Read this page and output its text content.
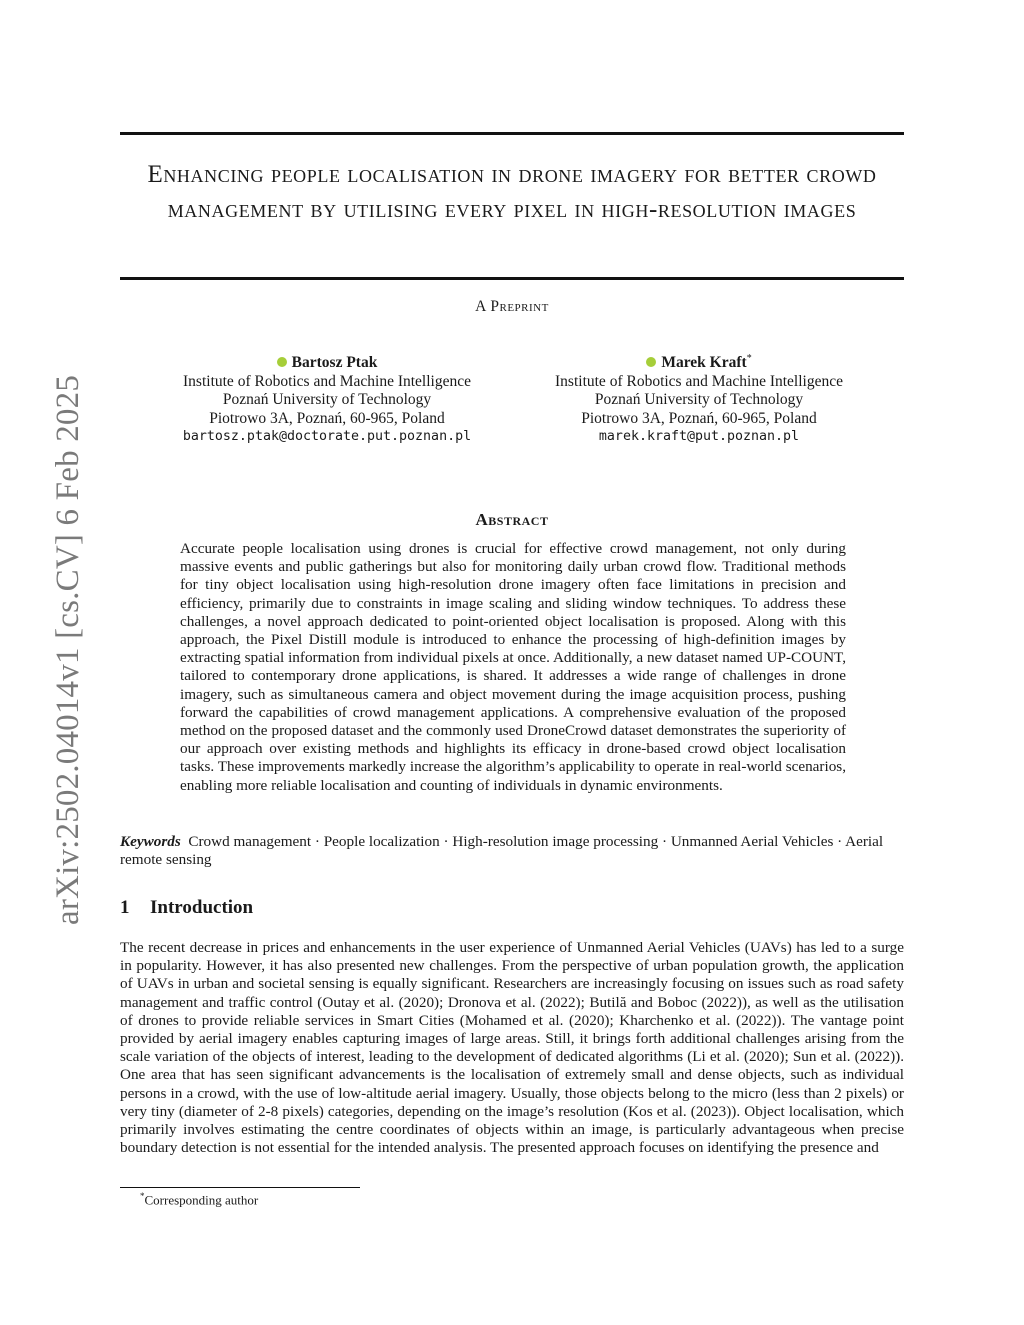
arXiv:2502.04014v1 [cs.CV] 6 Feb 2025
Enhancing people localisation in drone imagery for better crowd management by utilising every pixel in high-resolution images
A Preprint
Bartosz Ptak
Institute of Robotics and Machine Intelligence
Poznań University of Technology
Piotrowo 3A, Poznań, 60-965, Poland
bartosz.ptak@doctorate.put.poznan.pl
Marek Kraft*
Institute of Robotics and Machine Intelligence
Poznań University of Technology
Piotrowo 3A, Poznań, 60-965, Poland
marek.kraft@put.poznan.pl
Abstract
Accurate people localisation using drones is crucial for effective crowd management, not only during massive events and public gatherings but also for monitoring daily urban crowd flow. Traditional methods for tiny object localisation using high-resolution drone imagery often face limitations in precision and efficiency, primarily due to constraints in image scaling and sliding window techniques. To address these challenges, a novel approach dedicated to point-oriented object localisation is proposed. Along with this approach, the Pixel Distill module is introduced to enhance the processing of high-definition images by extracting spatial information from individual pixels at once. Additionally, a new dataset named UP-COUNT, tailored to contemporary drone applications, is shared. It addresses a wide range of challenges in drone imagery, such as simultaneous camera and object movement during the image acquisition process, pushing forward the capabilities of crowd management applications. A comprehensive evaluation of the proposed method on the proposed dataset and the commonly used DroneCrowd dataset demonstrates the superiority of our approach over existing methods and highlights its efficacy in drone-based crowd object localisation tasks. These improvements markedly increase the algorithm’s applicability to operate in real-world scenarios, enabling more reliable localisation and counting of individuals in dynamic environments.
Keywords Crowd management · People localization · High-resolution image processing · Unmanned Aerial Vehicles · Aerial remote sensing
1 Introduction
The recent decrease in prices and enhancements in the user experience of Unmanned Aerial Vehicles (UAVs) has led to a surge in popularity. However, it has also presented new challenges. From the perspective of urban population growth, the application of UAVs in urban and societal sensing is equally significant. Researchers are increasingly focusing on issues such as road safety management and traffic control (Outay et al. (2020); Dronova et al. (2022); Butilă and Boboc (2022)), as well as the utilisation of drones to provide reliable services in Smart Cities (Mohamed et al. (2020); Kharchenko et al. (2022)). The vantage point provided by aerial imagery enables capturing images of large areas. Still, it brings forth additional challenges arising from the scale variation of the objects of interest, leading to the development of dedicated algorithms (Li et al. (2020); Sun et al. (2022)). One area that has seen significant advancements is the localisation of extremely small and dense objects, such as individual persons in a crowd, with the use of low-altitude aerial imagery. Usually, those objects belong to the micro (less than 2 pixels) or very tiny (diameter of 2-8 pixels) categories, depending on the image’s resolution (Kos et al. (2023)). Object localisation, which primarily involves estimating the centre coordinates of objects within an image, is particularly advantageous when precise boundary detection is not essential for the intended analysis. The presented approach focuses on identifying the presence and
*Corresponding author
